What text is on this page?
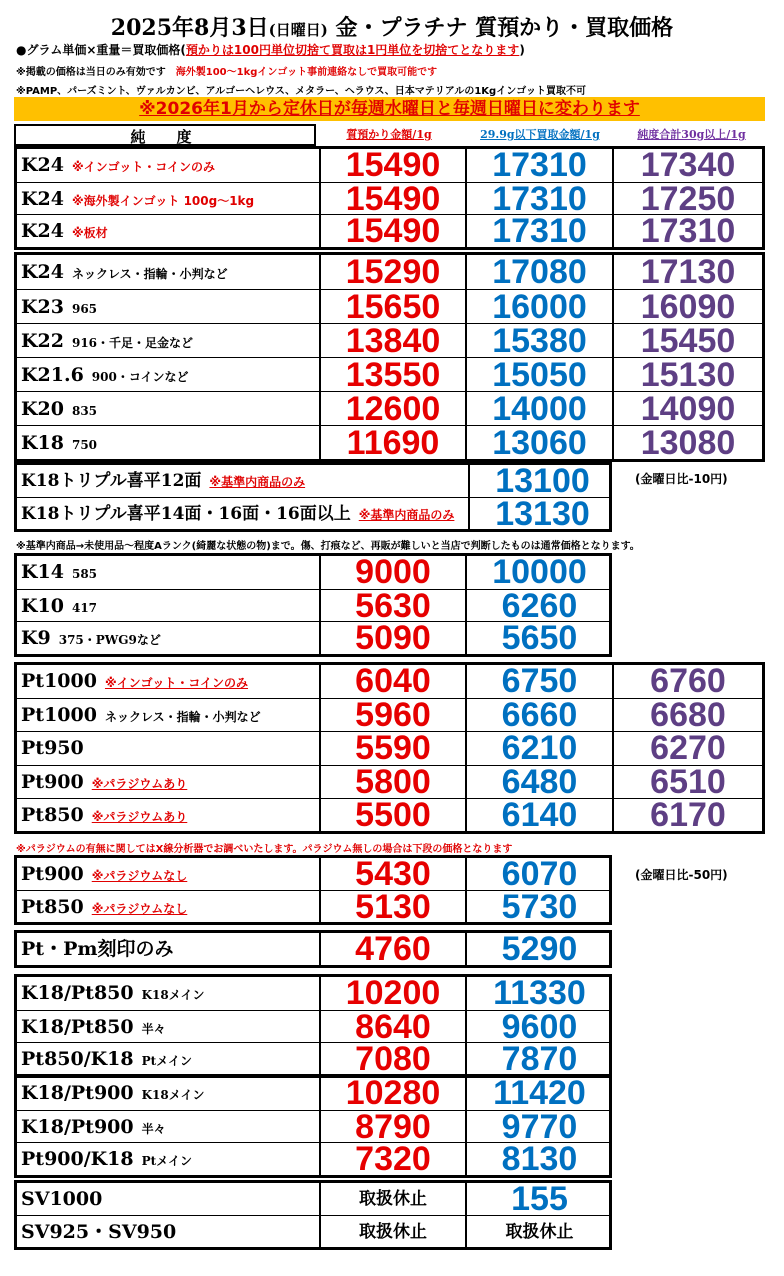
2025年8月3日(日曜日) 金・プラチナ 質預かり・買取価格
●グラム単価×重量＝買取価格(預かりは100円単位切捨て買取は1円単位を切捨てとなります)
※掲載の価格は当日のみ有効です　 海外製100～1kgインゴット事前連絡なしで買取可能です
※PAMP、パーズミント、ヴァルカンビ、アルゴーヘレウス、メタラー、ヘラウス、日本マテリアルの1Kgインゴット買取不可
※2026年1月から定休日が毎週水曜日と毎週日曜日に変わります
純　度	質預かり金額/1g	29.9g以下買取金額/1g	純度合計30g以上/1g
K24 ※インゴット・コインのみ	15490	17310	17340
K24 ※海外製インゴット 100g～1kg	15490	17310	17250
K24 ※板材	15490	17310	17310
K24 ネックレス・指輪・小判など	15290	17080	17130
K23 965	15650	16000	16090
K22 916・千足・足金など	13840	15380	15450
K21.6 900・コインなど	13550	15050	15130
K20 835	12600	14000	14090
K18 750	11690	13060	13080
K18トリプル喜平12面 ※基準内商品のみ	13100
K18トリプル喜平14面・16面・16面以上 ※基準内商品のみ	13130
K14 585	9000	10000
K10 417	5630	6260
K9 375・PWG9など	5090	5650
Pt1000 ※インゴット・コインのみ	6040	6750	6760
Pt1000 ネックレス・指輪・小判など	5960	6660	6680
Pt950	5590	6210	6270
Pt900 ※パラジウムあり	5800	6480	6510
Pt850 ※パラジウムあり	5500	6140	6170
Pt900 ※パラジウムなし	5430	6070
Pt850 ※パラジウムなし	5130	5730
Pt・Pm刻印のみ	4760	5290
K18/Pt850 K18メイン	10200	11330
K18/Pt850 半々	8640	9600
Pt850/K18 Ptメイン	7080	7870
K18/Pt900 K18メイン	10280	11420
K18/Pt900 半々	8790	9770
Pt900/K18 Ptメイン	7320	8130
SV1000	取扱休止	155
SV925・SV950	取扱休止	取扱休止
(金曜日比-10円)
※基準内商品→未使用品～程度Aランク(綺麗な状態の物)まで。傷、打痕など、再販が難しいと当店で判断したものは通常価格となります。
※パラジウムの有無に関してはX線分析器でお調べいたします。パラジウム無しの場合は下段の価格となります
(金曜日比-50円)
